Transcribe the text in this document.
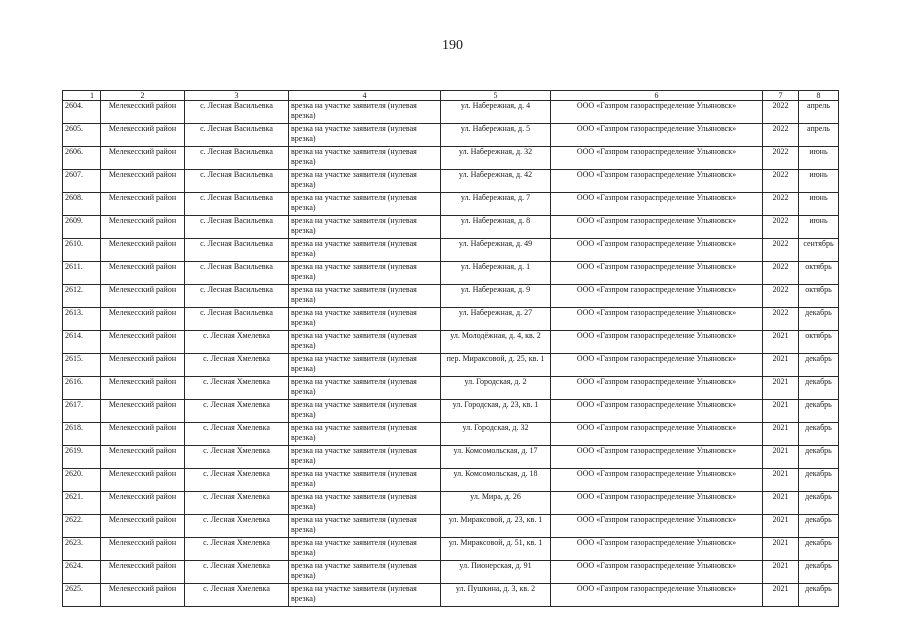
190
1	2	3	4	5	6	7	8
2604.	Мелекесский район	с. Лесная Васильевка	врезка на участке заявителя (нулевая врезка)	ул. Набережная, д. 4	ООО «Газпром газораспределение Ульяновск»	2022	апрель
2605.	Мелекесский район	с. Лесная Васильевка	врезка на участке заявителя (нулевая врезка)	ул. Набережная, д. 5	ООО «Газпром газораспределение Ульяновск»	2022	апрель
2606.	Мелекесский район	с. Лесная Васильевка	врезка на участке заявителя (нулевая врезка)	ул. Набережная, д. 32	ООО «Газпром газораспределение Ульяновск»	2022	июнь
2607.	Мелекесский район	с. Лесная Васильевка	врезка на участке заявителя (нулевая врезка)	ул. Набережная, д. 42	ООО «Газпром газораспределение Ульяновск»	2022	июнь
2608.	Мелекесский район	с. Лесная Васильевка	врезка на участке заявителя (нулевая врезка)	ул. Набережная, д. 7	ООО «Газпром газораспределение Ульяновск»	2022	июнь
2609.	Мелекесский район	с. Лесная Васильевка	врезка на участке заявителя (нулевая врезка)	ул. Набережная, д. 8	ООО «Газпром газораспределение Ульяновск»	2022	июнь
2610.	Мелекесский район	с. Лесная Васильевка	врезка на участке заявителя (нулевая врезка)	ул. Набережная, д. 49	ООО «Газпром газораспределение Ульяновск»	2022	сентябрь
2611.	Мелекесский район	с. Лесная Васильевка	врезка на участке заявителя (нулевая врезка)	ул. Набережная, д. 1	ООО «Газпром газораспределение Ульяновск»	2022	октябрь
2612.	Мелекесский район	с. Лесная Васильевка	врезка на участке заявителя (нулевая врезка)	ул. Набережная, д. 9	ООО «Газпром газораспределение Ульяновск»	2022	октябрь
2613.	Мелекесский район	с. Лесная Васильевка	врезка на участке заявителя (нулевая врезка)	ул. Набережная, д. 27	ООО «Газпром газораспределение Ульяновск»	2022	декабрь
2614.	Мелекесский район	с. Лесная Хмелевка	врезка на участке заявителя (нулевая врезка)	ул. Молодёжная, д. 4, кв. 2	ООО «Газпром газораспределение Ульяновск»	2021	октябрь
2615.	Мелекесский район	с. Лесная Хмелевка	врезка на участке заявителя (нулевая врезка)	пер. Мираксовой, д. 25, кв. 1	ООО «Газпром газораспределение Ульяновск»	2021	декабрь
2616.	Мелекесский район	с. Лесная Хмелевка	врезка на участке заявителя (нулевая врезка)	ул. Городская, д. 2	ООО «Газпром газораспределение Ульяновск»	2021	декабрь
2617.	Мелекесский район	с. Лесная Хмелевка	врезка на участке заявителя (нулевая врезка)	ул. Городская, д. 23, кв. 1	ООО «Газпром газораспределение Ульяновск»	2021	декабрь
2618.	Мелекесский район	с. Лесная Хмелевка	врезка на участке заявителя (нулевая врезка)	ул. Городская, д. 32	ООО «Газпром газораспределение Ульяновск»	2021	декабрь
2619.	Мелекесский район	с. Лесная Хмелевка	врезка на участке заявителя (нулевая врезка)	ул. Комсомольская, д. 17	ООО «Газпром газораспределение Ульяновск»	2021	декабрь
2620.	Мелекесский район	с. Лесная Хмелевка	врезка на участке заявителя (нулевая врезка)	ул. Комсомольская, д. 18	ООО «Газпром газораспределение Ульяновск»	2021	декабрь
2621.	Мелекесский район	с. Лесная Хмелевка	врезка на участке заявителя (нулевая врезка)	ул. Мира, д. 26	ООО «Газпром газораспределение Ульяновск»	2021	декабрь
2622.	Мелекесский район	с. Лесная Хмелевка	врезка на участке заявителя (нулевая врезка)	ул. Мираксовой, д. 23, кв. 1	ООО «Газпром газораспределение Ульяновск»	2021	декабрь
2623.	Мелекесский район	с. Лесная Хмелевка	врезка на участке заявителя (нулевая врезка)	ул. Мираксовой, д. 51, кв. 1	ООО «Газпром газораспределение Ульяновск»	2021	декабрь
2624.	Мелекесский район	с. Лесная Хмелевка	врезка на участке заявителя (нулевая врезка)	ул. Пионерская, д. 91	ООО «Газпром газораспределение Ульяновск»	2021	декабрь
2625.	Мелекесский район	с. Лесная Хмелевка	врезка на участке заявителя (нулевая врезка)	ул. Пушкина, д. 3, кв. 2	ООО «Газпром газораспределение Ульяновск»	2021	декабрь
